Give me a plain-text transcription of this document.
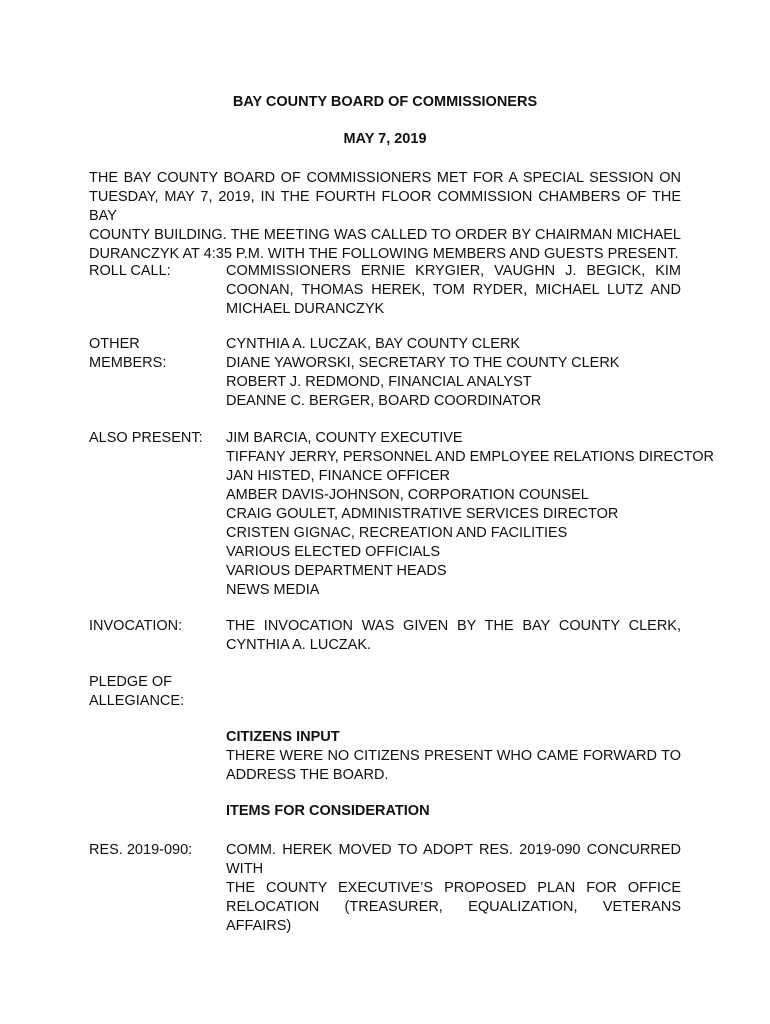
BAY COUNTY BOARD OF COMMISSIONERS
MAY 7, 2019
THE BAY COUNTY BOARD OF COMMISSIONERS MET FOR A SPECIAL SESSION ON
TUESDAY, MAY 7, 2019, IN THE FOURTH FLOOR COMMISSION CHAMBERS OF THE BAY
COUNTY BUILDING. THE MEETING WAS CALLED TO ORDER BY CHAIRMAN MICHAEL
DURANCZYK AT 4:35 P.M. WITH THE FOLLOWING MEMBERS AND GUESTS PRESENT.
ROLL CALL:	COMMISSIONERS ERNIE KRYGIER, VAUGHN J. BEGICK, KIM
COONAN, THOMAS HEREK, TOM RYDER, MICHAEL LUTZ AND
MICHAEL DURANCZYK
OTHER
MEMBERS:
CYNTHIA A. LUCZAK, BAY COUNTY CLERK
DIANE YAWORSKI, SECRETARY TO THE COUNTY CLERK
ROBERT J. REDMOND, FINANCIAL ANALYST
DEANNE C. BERGER, BOARD COORDINATOR
ALSO PRESENT: JIM BARCIA, COUNTY EXECUTIVE
TIFFANY JERRY, PERSONNEL AND EMPLOYEE RELATIONS DIRECTOR
JAN HISTED, FINANCE OFFICER
AMBER DAVIS-JOHNSON, CORPORATION COUNSEL
CRAIG GOULET, ADMINISTRATIVE SERVICES DIRECTOR
CRISTEN GIGNAC, RECREATION AND FACILITIES
VARIOUS ELECTED OFFICIALS
VARIOUS DEPARTMENT HEADS
NEWS MEDIA
INVOCATION:	THE INVOCATION WAS GIVEN BY THE BAY COUNTY CLERK,
CYNTHIA A. LUCZAK.
PLEDGE OF
ALLEGIANCE:
CITIZENS INPUT
THERE WERE NO CITIZENS PRESENT WHO CAME FORWARD TO
ADDRESS THE BOARD.
ITEMS FOR CONSIDERATION
RES. 2019-090: COMM. HEREK MOVED TO ADOPT RES. 2019-090 CONCURRED WITH
THE COUNTY EXECUTIVE’S PROPOSED PLAN FOR OFFICE
RELOCATION (TREASURER, EQUALIZATION, VETERANS AFFAIRS)
